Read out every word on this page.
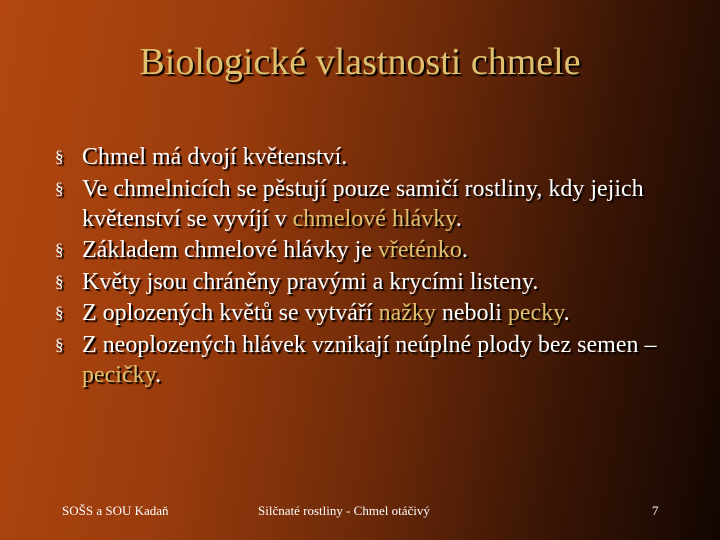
Biologické vlastnosti chmele
§ Chmel má dvojí květenství.
§ Ve chmelnicích se pěstují pouze samičí rostliny, kdy jejich květenství se vyvíjí v chmelové hlávky.
§ Základem chmelové hlávky je vřeténko.
§ Květy jsou chráněny pravými a krycími listeny.
§ Z oplozených květů se vytváří nažky neboli pecky.
§ Z neoplozených hlávek vznikají neúplné plody bez semen – pecičky.
SOŠS a SOU Kadaň	Silčnaté rostliny - Chmel otáčivý	7
